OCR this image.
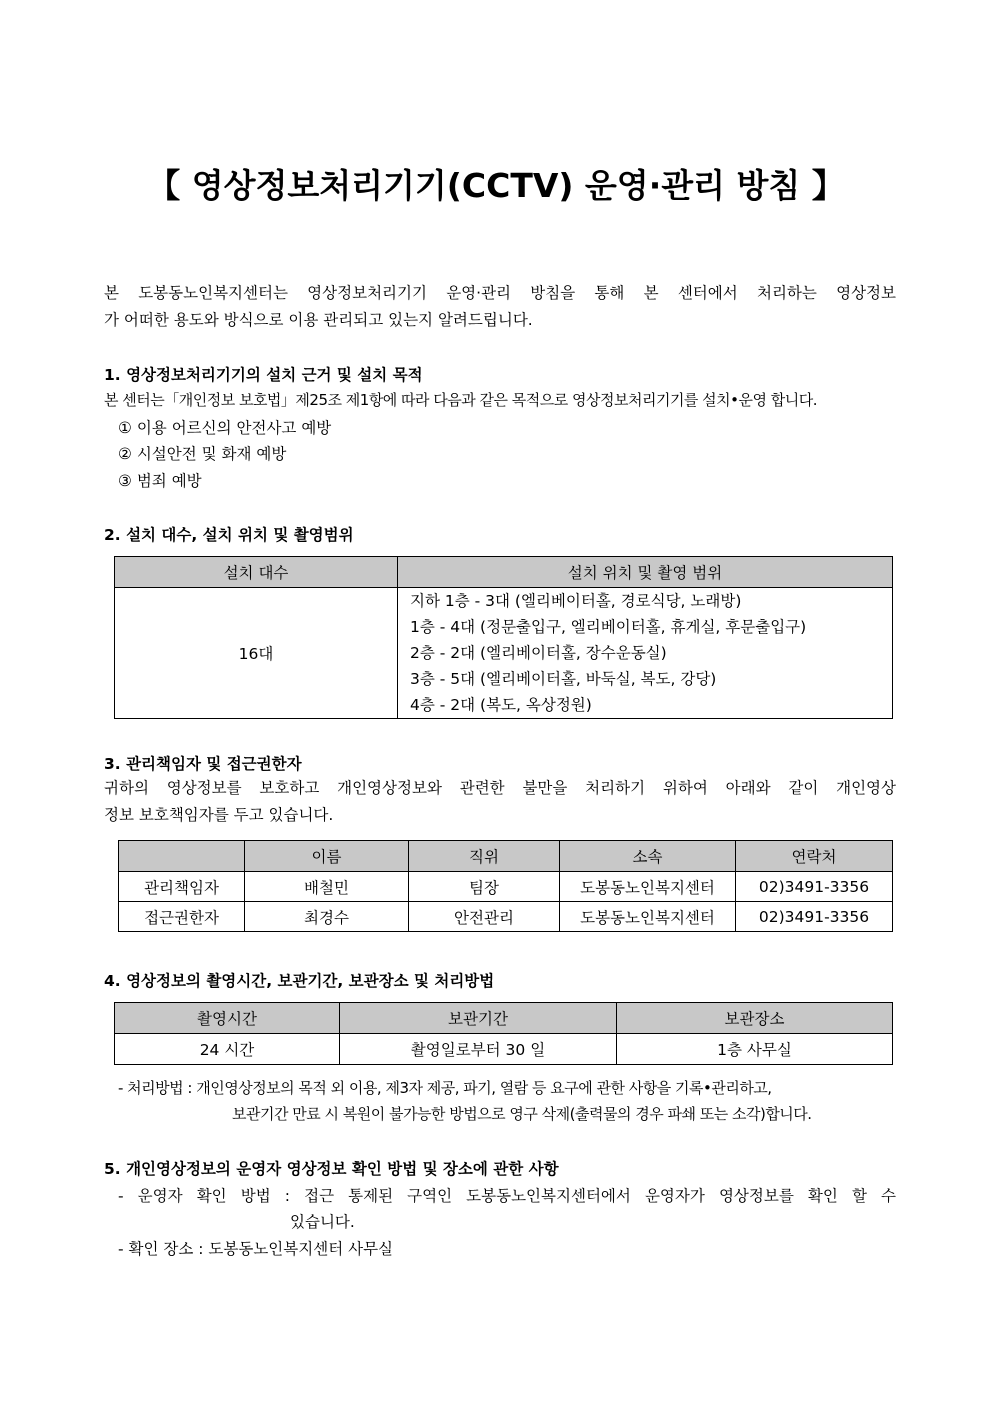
【 영상정보처리기기(CCTV) 운영·관리 방침 】
본 도봉동노인복지센터는 영상정보처리기기 운영·관리 방침을 통해 본 센터에서 처리하는 영상정보
가 어떠한 용도와 방식으로 이용 관리되고 있는지 알려드립니다.
1. 영상정보처리기기의 설치 근거 및 설치 목적
본 센터는「개인정보 보호법」제25조 제1항에 따라 다음과 같은 목적으로 영상정보처리기기를 설치•운영 합니다.
① 이용 어르신의 안전사고 예방
② 시설안전 및 화재 예방
③ 범죄 예방
2. 설치 대수, 설치 위치 및 촬영범위
설치 대수	설치 위치 및 촬영 범위
16대	지하 1층 - 3대 (엘리베이터홀, 경로식당, 노래방)
1층 - 4대 (정문출입구, 엘리베이터홀, 휴게실, 후문출입구)
2층 - 2대 (엘리베이터홀, 장수운동실)
3층 - 5대 (엘리베이터홀, 바둑실, 복도, 강당)
4층 - 2대 (복도, 옥상정원)
3. 관리책임자 및 접근권한자
귀하의 영상정보를 보호하고 개인영상정보와 관련한 불만을 처리하기 위하여 아래와 같이 개인영상
정보 보호책임자를 두고 있습니다.
	이름	직위	소속	연락처
관리책임자	배철민	팀장	도봉동노인복지센터	02)3491-3356
접근권한자	최경수	안전관리	도봉동노인복지센터	02)3491-3356
4. 영상정보의 촬영시간, 보관기간, 보관장소 및 처리방법
촬영시간	보관기간	보관장소
24 시간	촬영일로부터 30 일	1층 사무실
- 처리방법 : 개인영상정보의 목적 외 이용, 제3자 제공, 파기, 열람 등 요구에 관한 사항을 기록•관리하고,
보관기간 만료 시 복원이 불가능한 방법으로 영구 삭제(출력물의 경우 파쇄 또는 소각)합니다.
5. 개인영상정보의 운영자 영상정보 확인 방법 및 장소에 관한 사항
- 운영자 확인 방법 : 접근 통제된 구역인 도봉동노인복지센터에서 운영자가 영상정보를 확인 할 수
있습니다.
- 확인 장소 : 도봉동노인복지센터 사무실
